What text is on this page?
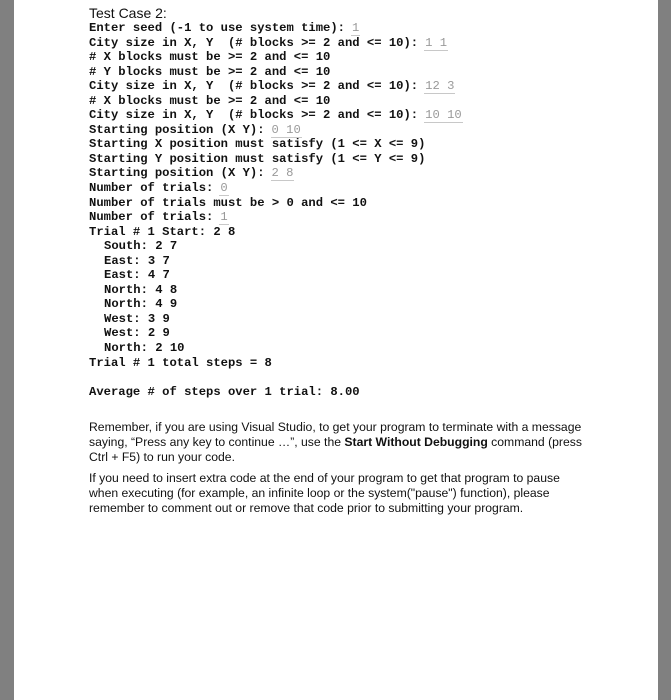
Test Case 2:
Enter seed (-1 to use system time): 1
City size in X, Y  (# blocks >= 2 and <= 10): 1 1
# X blocks must be >= 2 and <= 10
# Y blocks must be >= 2 and <= 10
City size in X, Y  (# blocks >= 2 and <= 10): 12 3
# X blocks must be >= 2 and <= 10
City size in X, Y  (# blocks >= 2 and <= 10): 10 10
Starting position (X Y): 0 10
Starting X position must satisfy (1 <= X <= 9)
Starting Y position must satisfy (1 <= Y <= 9)
Starting position (X Y): 2 8
Number of trials: 0
Number of trials must be > 0 and <= 10
Number of trials: 1
Trial # 1 Start: 2 8
South: 2 7
East: 3 7
East: 4 7
North: 4 8
North: 4 9
West: 3 9
West: 2 9
North: 2 10
Trial # 1 total steps = 8
Average # of steps over 1 trial: 8.00

Remember, if you are using Visual Studio, to get your program to terminate with a message saying, “Press any key to continue …”, use the Start Without Debugging command (press Ctrl + F5) to run your code.

If you need to insert extra code at the end of your program to get that program to pause when executing (for example, an infinite loop or the system("pause") function), please remember to comment out or remove that code prior to submitting your program.
